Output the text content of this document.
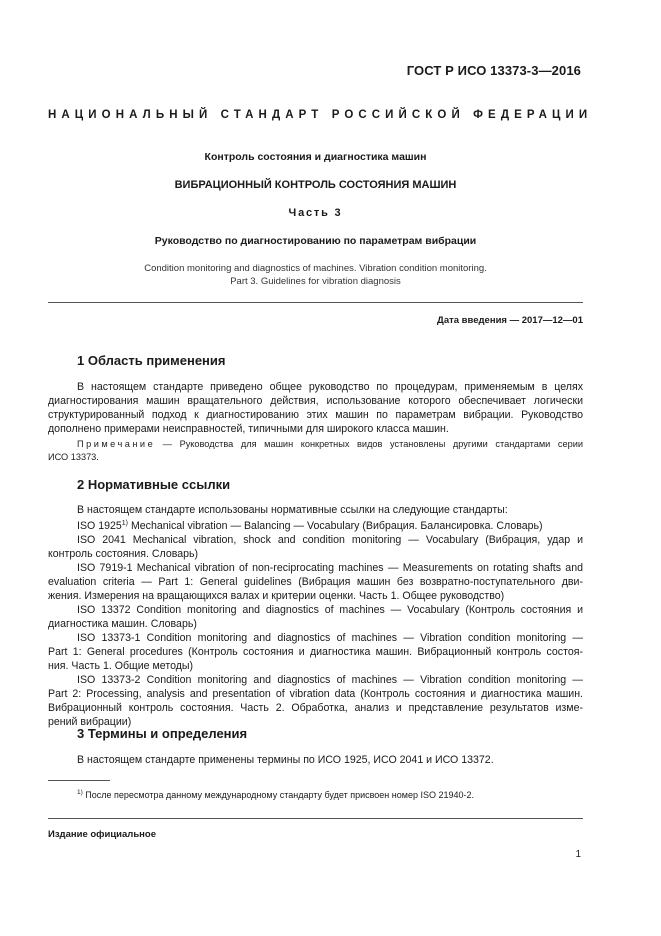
ГОСТ Р ИСО 13373-3—2016
НАЦИОНАЛЬНЫЙ СТАНДАРТ РОССИЙСКОЙ ФЕДЕРАЦИИ
Контроль состояния и диагностика машин
ВИБРАЦИОННЫЙ КОНТРОЛЬ СОСТОЯНИЯ МАШИН
Часть 3
Руководство по диагностированию по параметрам вибрации
Condition monitoring and diagnostics of machines. Vibration condition monitoring.
Part 3. Guidelines for vibration diagnosis
Дата введения — 2017—12—01
1 Область применения

В настоящем стандарте приведено общее руководство по процедурам, применяемым в целях
диагностирования машин вращательного действия, использование которого обеспечивает логически
структурированный подход к диагностированию этих машин по параметрам вибрации. Руководство
дополнено примерами неисправностей, типичными для широкого класса машин.

Примечание — Руководства для машин конкретных видов установлены другими стандартами серии
ИСО 13373.

2 Нормативные ссылки

В настоящем стандарте использованы нормативные ссылки на следующие стандарты:
ISO 1925$^{1)}$ Mechanical vibration — Balancing — Vocabulary (Вибрация. Балансировка. Словарь)
ISO 2041 Mechanical vibration, shock and condition monitoring — Vocabulary (Вибрация, удар и
контроль состояния. Словарь)
ISO 7919-1 Mechanical vibration of non-reciprocating machines — Measurements on rotating shafts and
evaluation criteria — Part 1: General guidelines (Вибрация машин без возвратно-поступательного дви-
жения. Измерения на вращающихся валах и критерии оценки. Часть 1. Общее руководство)
ISO 13372 Condition monitoring and diagnostics of machines — Vocabulary (Контроль состояния и
диагностика машин. Словарь)
ISO 13373-1 Condition monitoring and diagnostics of machines — Vibration condition monitoring —
Part 1: General procedures (Контроль состояния и диагностика машин. Вибрационный контроль состоя-
ния. Часть 1. Общие методы)
ISO 13373-2 Condition monitoring and diagnostics of machines — Vibration condition monitoring —
Part 2: Processing, analysis and presentation of vibration data (Контроль состояния и диагностика машин.
Вибрационный контроль состояния. Часть 2. Обработка, анализ и представление результатов изме-
рений вибрации)

3 Термины и определения

В настоящем стандарте применены термины по ИСО 1925, ИСО 2041 и ИСО 13372.

$^{1)}$ После пересмотра данному международному стандарту будет присвоен номер ISO 21940-2.
Издание официальное
1
